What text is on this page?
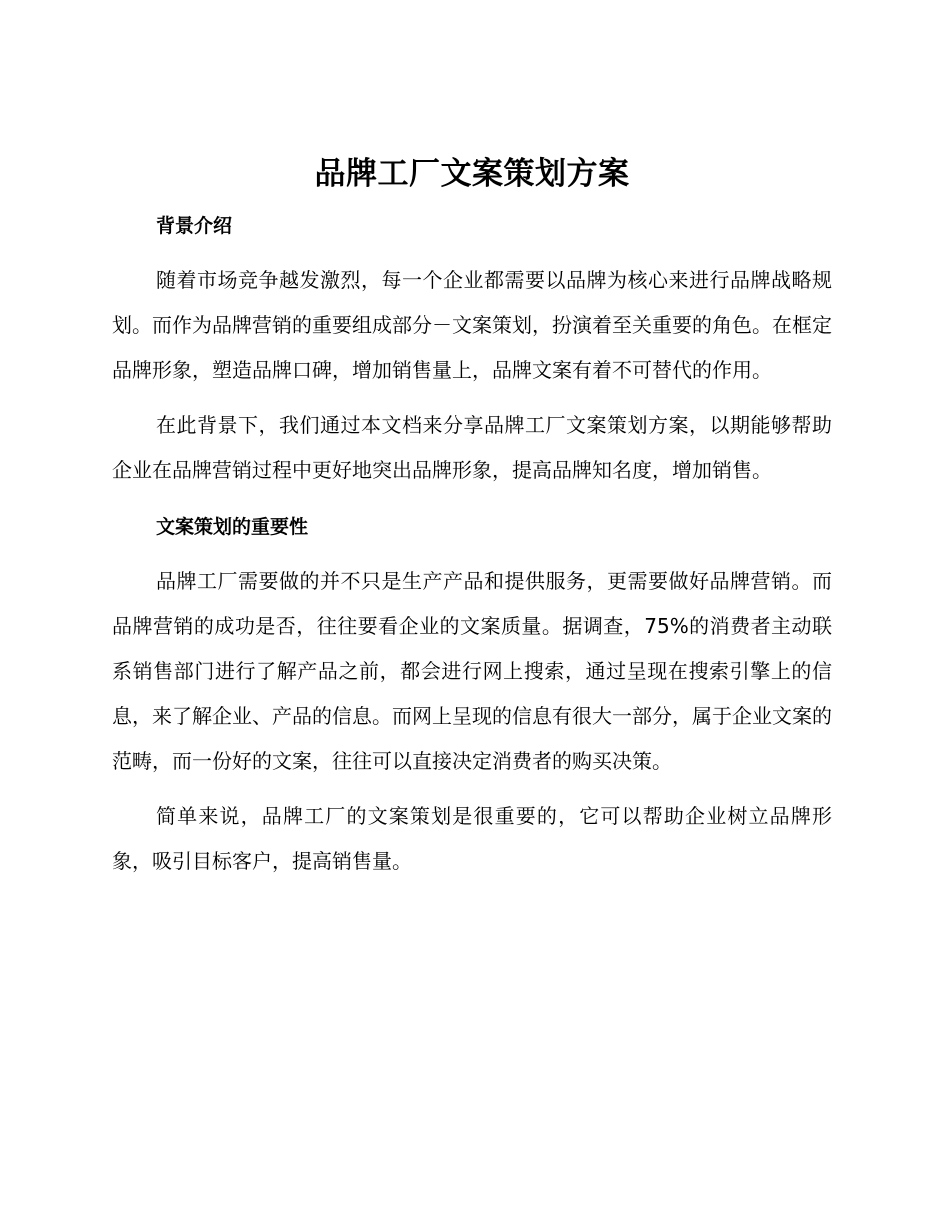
品牌工厂文案策划方案
背景介绍

随着市场竞争越发激烈，每一个企业都需要以品牌为核心来进行品牌战略规划。而作为品牌营销的重要组成部分－文案策划，扮演着至关重要的角色。在框定品牌形象，塑造品牌口碑，增加销售量上，品牌文案有着不可替代的作用。

在此背景下，我们通过本文档来分享品牌工厂文案策划方案，以期能够帮助企业在品牌营销过程中更好地突出品牌形象，提高品牌知名度，增加销售。

文案策划的重要性

品牌工厂需要做的并不只是生产产品和提供服务，更需要做好品牌营销。而品牌营销的成功是否，往往要看企业的文案质量。据调查，75%的消费者主动联系销售部门进行了解产品之前，都会进行网上搜索，通过呈现在搜索引擎上的信息，来了解企业、产品的信息。而网上呈现的信息有很大一部分，属于企业文案的范畴，而一份好的文案，往往可以直接决定消费者的购买决策。

简单来说，品牌工厂的文案策划是很重要的，它可以帮助企业树立品牌形象，吸引目标客户，提高销售量。
